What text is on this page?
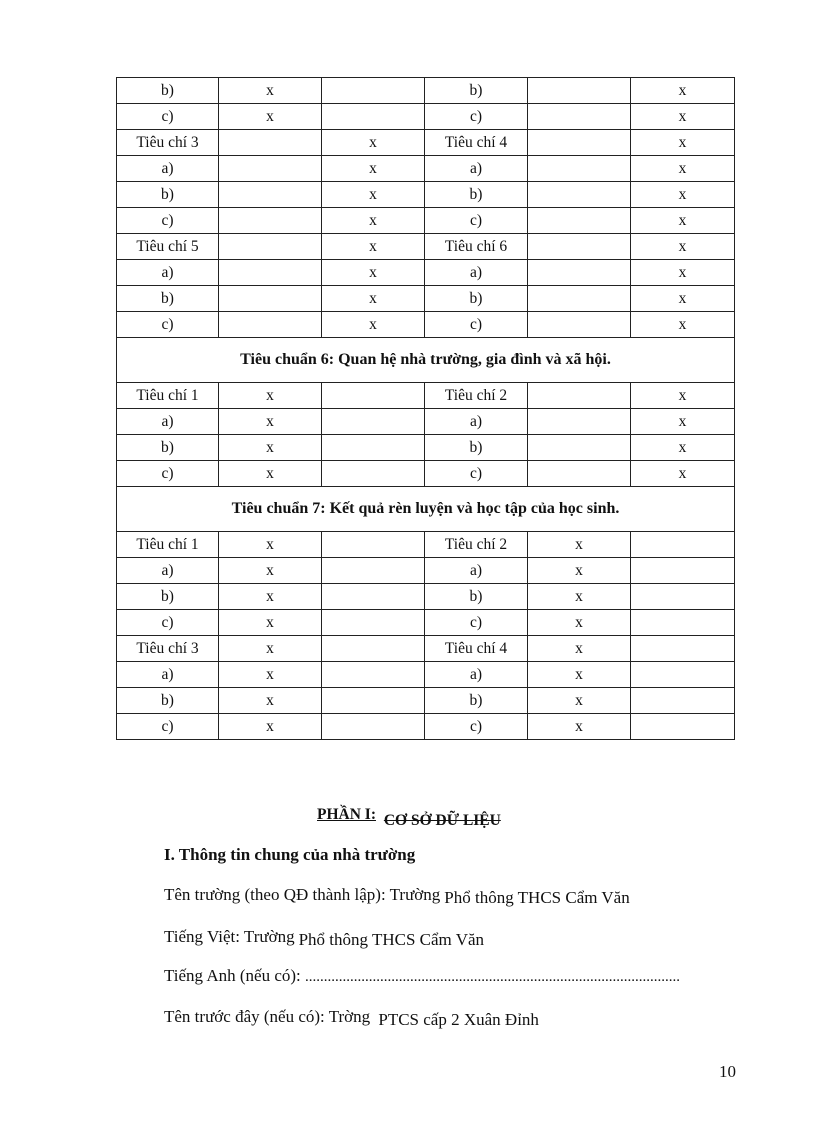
b)	x		b)		x
c)	x		c)		x
Tiêu chí 3		x	Tiêu chí 4		x
a)		x	a)		x
b)		x	b)		x
c)		x	c)		x
Tiêu chí 5		x	Tiêu chí 6		x
a)		x	a)		x
b)		x	b)		x
c)		x	c)		x
Tiêu chuẩn 6: Quan hệ nhà trường, gia đình và xã hội.					
Tiêu chí 1	x		Tiêu chí 2		x
a)	x		a)		x
b)	x		b)		x
c)	x		c)		x
Tiêu chuẩn 7: Kết quả rèn luyện và học tập của học sinh.					
Tiêu chí 1	x		Tiêu chí 2	x	
a)	x		a)	x	
b)	x		b)	x	
c)	x		c)	x	
Tiêu chí 3	x		Tiêu chí 4	x	
a)	x		a)	x	
b)	x		b)	x	
c)	x		c)	x	
PHẦN I: CƠ SỞ DỮ LIỆU
I. Thông tin chung của nhà trường
Tên trường (theo QĐ thành lập): Trường Phổ thông THCS Cẩm Văn
Tiếng Việt: Trường Phổ thông THCS Cẩm Văn
Tiếng Anh (nếu có): ....................................................................................................
Tên trước đây (nếu có): Trờng PTCS cấp 2 Xuân Đỉnh
10
